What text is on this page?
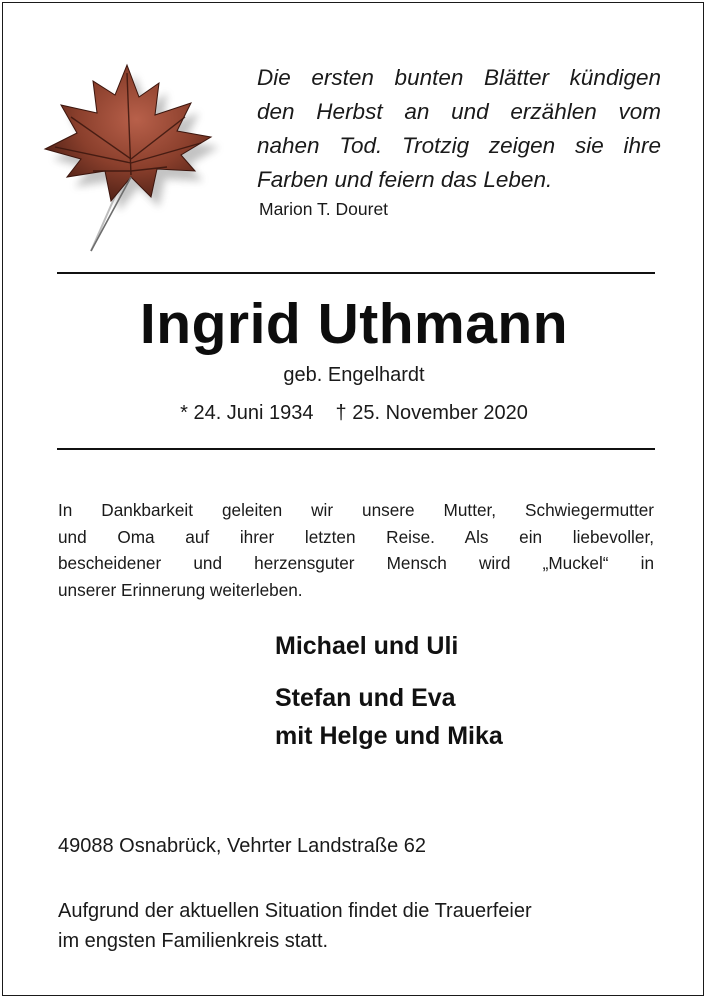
Die ersten bunten Blätter kündigen
den Herbst an und erzählen vom
nahen Tod. Trotzig zeigen sie ihre
Farben und feiern das Leben.
Marion T. Douret
Ingrid Uthmann
geb. Engelhardt
* 24. Juni 1934 † 25. November 2020
In Dankbarkeit geleiten wir unsere Mutter, Schwiegermutter
und Oma auf ihrer letzten Reise. Als ein liebevoller,
bescheidener und herzensguter Mensch wird „Muckel“ in
unserer Erinnerung weiterleben.
Michael und Uli
Stefan und Eva
mit Helge und Mika
49088 Osnabrück, Vehrter Landstraße 62
Aufgrund der aktuellen Situation findet die Trauerfeier
im engsten Familienkreis statt.
